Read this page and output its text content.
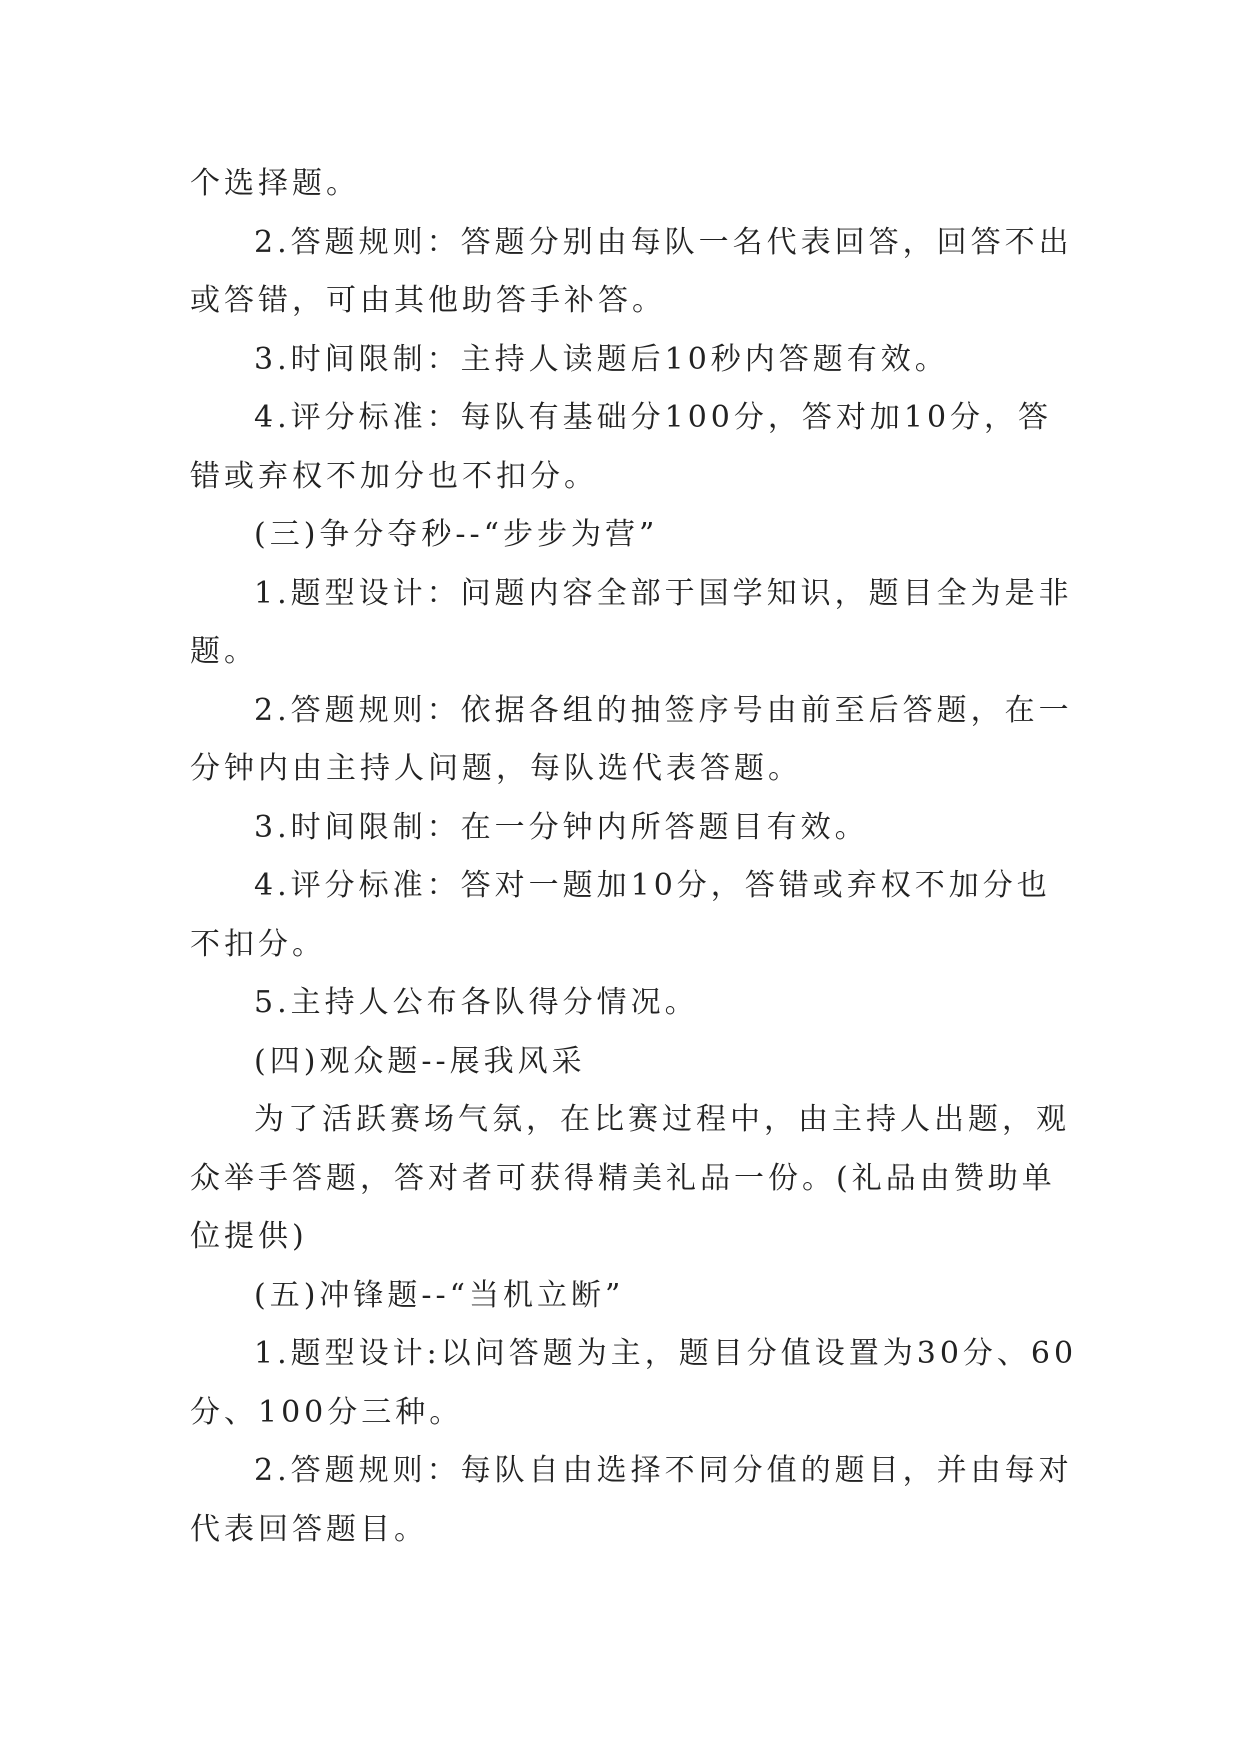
个选择题。
2.答题规则：答题分别由每队一名代表回答，回答不出
或答错，可由其他助答手补答。
3.时间限制：主持人读题后10秒内答题有效。
4.评分标准：每队有基础分100分，答对加10分，答
错或弃权不加分也不扣分。
(三)争分夺秒--“步步为营”
1.题型设计：问题内容全部于国学知识，题目全为是非
题。
2.答题规则：依据各组的抽签序号由前至后答题，在一
分钟内由主持人问题，每队选代表答题。
3.时间限制：在一分钟内所答题目有效。
4.评分标准：答对一题加10分，答错或弃权不加分也
不扣分。
5.主持人公布各队得分情况。
(四)观众题--展我风采
为了活跃赛场气氛，在比赛过程中，由主持人出题，观
众举手答题，答对者可获得精美礼品一份。(礼品由赞助单
位提供)
(五)冲锋题--“当机立断”
1.题型设计:以问答题为主，题目分值设置为30分、60
分、100分三种。
2.答题规则：每队自由选择不同分值的题目，并由每对
代表回答题目。
